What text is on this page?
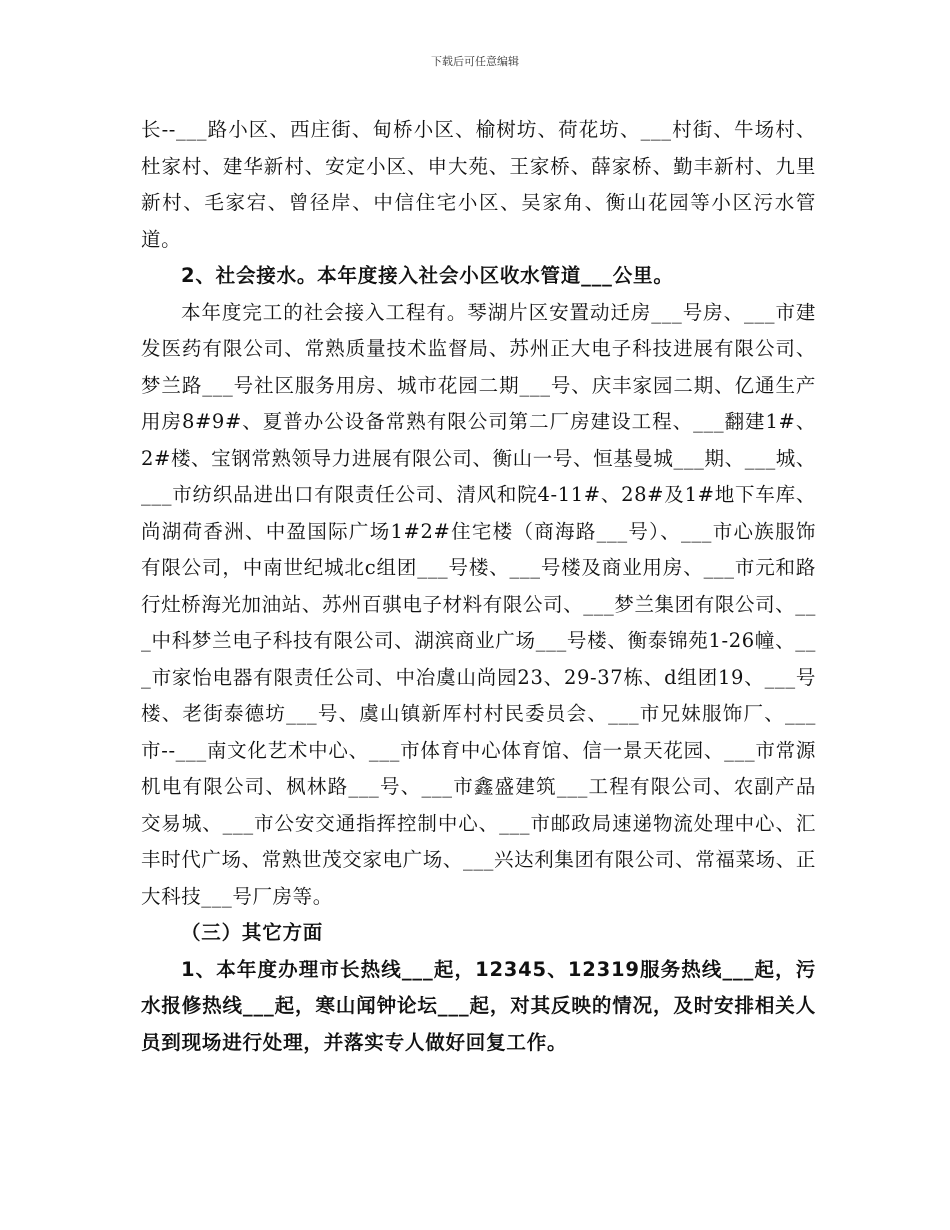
下载后可任意编辑

长--___路小区、西庄街、甸桥小区、榆树坊、荷花坊、___村街、牛场村、杜家村、建华新村、安定小区、申大苑、王家桥、薛家桥、勤丰新村、九里新村、毛家宕、曾径岸、中信住宅小区、吴家角、衡山花园等小区污水管道。

2、社会接水。本年度接入社会小区收水管道___公里。

本年度完工的社会接入工程有。琴湖片区安置动迁房___号房、___市建发医药有限公司、常熟质量技术监督局、苏州正大电子科技进展有限公司、梦兰路___号社区服务用房、城市花园二期___号、庆丰家园二期、亿通生产用房8#9#、夏普办公设备常熟有限公司第二厂房建设工程、___翻建1#、2#楼、宝钢常熟领导力进展有限公司、衡山一号、恒基曼城___期、___城、___市纺织品进出口有限责任公司、清风和院4-11#、28#及1#地下车库、尚湖荷香洲、中盈国际广场1#2#住宅楼（商海路___号）、___市心族服饰有限公司，中南世纪城北c组团___号楼、___号楼及商业用房、___市元和路行灶桥海光加油站、苏州百骐电子材料有限公司、___梦兰集团有限公司、___中科梦兰电子科技有限公司、湖滨商业广场___号楼、衡泰锦苑1-26幢、___市家怡电器有限责任公司、中冶虞山尚园23、29-37栋、d组团19、___号楼、老街泰德坊___号、虞山镇新厍村村民委员会、___市兄妹服饰厂、___市--___南文化艺术中心、___市体育中心体育馆、信一景天花园、___市常源机电有限公司、枫林路___号、___市鑫盛建筑___工程有限公司、农副产品交易城、___市公安交通指挥控制中心、___市邮政局速递物流处理中心、汇丰时代广场、常熟世茂交家电广场、___兴达利集团有限公司、常福菜场、正大科技___号厂房等。

（三）其它方面

1、本年度办理市长热线___起，12345、12319服务热线___起，污水报修热线___起，寒山闻钟论坛___起，对其反映的情况，及时安排相关人员到现场进行处理，并落实专人做好回复工作。
